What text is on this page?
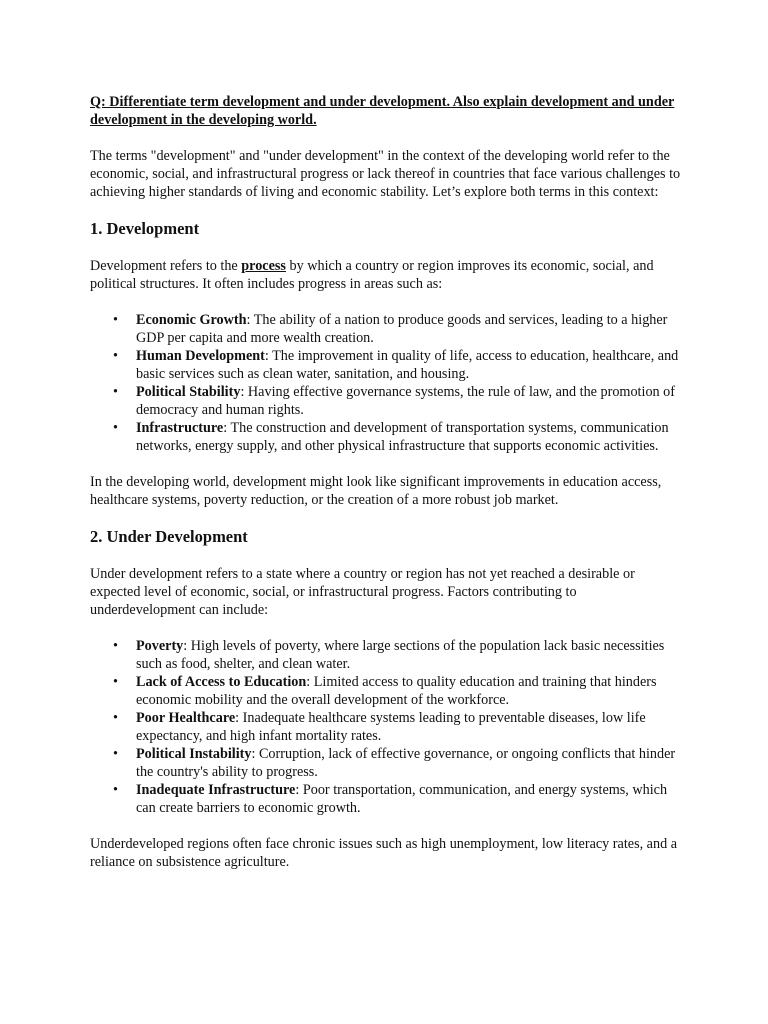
Q: Differentiate term development and under development. Also explain development and under development in the developing world.

The terms "development" and "under development" in the context of the developing world refer to the economic, social, and infrastructural progress or lack thereof in countries that face various challenges to achieving higher standards of living and economic stability. Let’s explore both terms in this context:

1. Development

Development refers to the process by which a country or region improves its economic, social, and political structures. It often includes progress in areas such as:

• Economic Growth: The ability of a nation to produce goods and services, leading to a higher GDP per capita and more wealth creation.
• Human Development: The improvement in quality of life, access to education, healthcare, and basic services such as clean water, sanitation, and housing.
• Political Stability: Having effective governance systems, the rule of law, and the promotion of democracy and human rights.
• Infrastructure: The construction and development of transportation systems, communication networks, energy supply, and other physical infrastructure that supports economic activities.

In the developing world, development might look like significant improvements in education access, healthcare systems, poverty reduction, or the creation of a more robust job market.

2. Under Development

Under development refers to a state where a country or region has not yet reached a desirable or expected level of economic, social, or infrastructural progress. Factors contributing to underdevelopment can include:

• Poverty: High levels of poverty, where large sections of the population lack basic necessities such as food, shelter, and clean water.
• Lack of Access to Education: Limited access to quality education and training that hinders economic mobility and the overall development of the workforce.
• Poor Healthcare: Inadequate healthcare systems leading to preventable diseases, low life expectancy, and high infant mortality rates.
• Political Instability: Corruption, lack of effective governance, or ongoing conflicts that hinder the country's ability to progress.
• Inadequate Infrastructure: Poor transportation, communication, and energy systems, which can create barriers to economic growth.

Underdeveloped regions often face chronic issues such as high unemployment, low literacy rates, and a reliance on subsistence agriculture.
